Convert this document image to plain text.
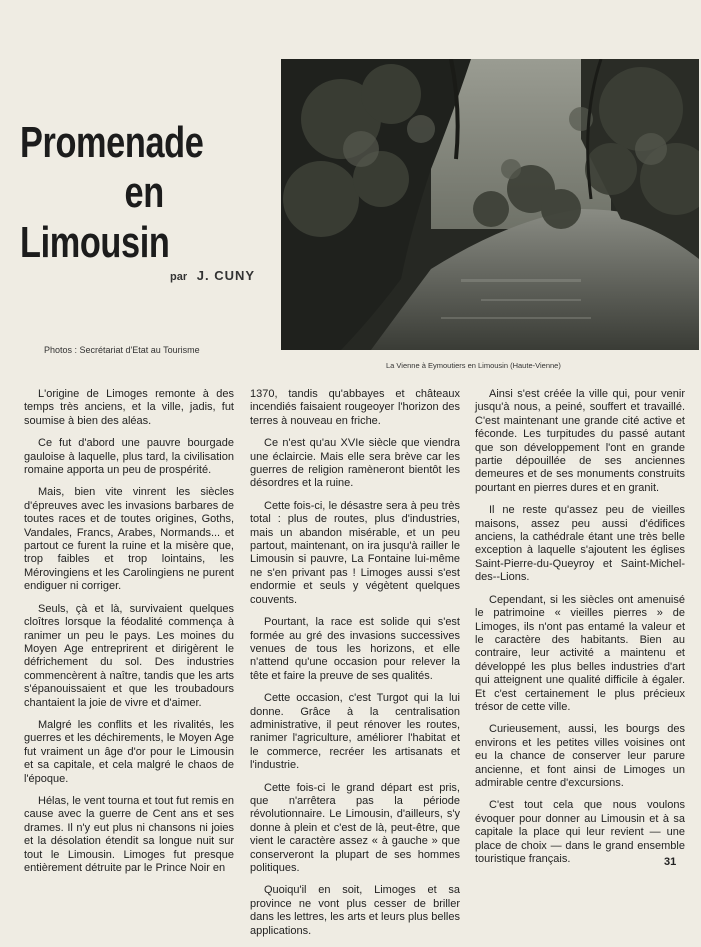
Promenade
en
Limousin
par J. CUNY
Photos : Secrétariat d'Etat au Tourisme
La Vienne à Eymoutiers en Limousin (Haute-Vienne)

L'origine de Limoges remonte à des temps très anciens, et la ville, jadis, fut soumise à bien des aléas.

Ce fut d'abord une pauvre bourgade gauloise à laquelle, plus tard, la civilisation romaine apporta un peu de prospérité.

Mais, bien vite vinrent les siècles d'épreuves avec les invasions barbares de toutes races et de toutes origines, Goths, Vandales, Francs, Arabes, Normands... et partout ce furent la ruine et la misère que, trop faibles et trop lointains, les Mérovingiens et les Carolingiens ne purent endiguer ni corriger.

Seuls, çà et là, survivaient quelques cloîtres lorsque la féodalité commença à ranimer un peu le pays. Les moines du Moyen Age entreprirent et dirigèrent le défrichement du sol. Des industries commencèrent à naître, tandis que les arts s'épanouissaient et que les troubadours chantaient la joie de vivre et d'aimer.

Malgré les conflits et les rivalités, les guerres et les déchirements, le Moyen Age fut vraiment un âge d'or pour le Limousin et sa capitale, et cela malgré le chaos de l'époque.

Hélas, le vent tourna et tout fut remis en cause avec la guerre de Cent ans et ses drames. Il n'y eut plus ni chansons ni joies et la désolation étendit sa longue nuit sur tout le Limousin. Limoges fut presque entièrement détruite par le Prince Noir en

1370, tandis qu'abbayes et châteaux incendiés faisaient rougeoyer l'horizon des terres à nouveau en friche.

Ce n'est qu'au XVIe siècle que viendra une éclaircie. Mais elle sera brève car les guerres de religion ramèneront bientôt les désordres et la ruine.

Cette fois-ci, le désastre sera à peu très total : plus de routes, plus d'industries, mais un abandon misérable, et un peu partout, maintenant, on ira jusqu'à railler le Limousin si pauvre, La Fontaine lui-même ne s'en privant pas ! Limoges aussi s'est endormie et seuls y végètent quelques couvents.

Pourtant, la race est solide qui s'est formée au gré des invasions successives venues de tous les horizons, et elle n'attend qu'une occasion pour relever la tête et faire la preuve de ses qualités.

Cette occasion, c'est Turgot qui la lui donne. Grâce à la centralisation administrative, il peut rénover les routes, ranimer l'agriculture, améliorer l'habitat et le commerce, recréer les artisanats et l'industrie.

Cette fois-ci le grand départ est pris, que n'arrêtera pas la période révolutionnaire. Le Limousin, d'ailleurs, s'y donne à plein et c'est de là, peut-être, que vient le caractère assez « à gauche » que conserveront la plupart de ses hommes politiques.

Quoiqu'il en soit, Limoges et sa province ne vont plus cesser de briller dans les lettres, les arts et leurs plus belles applications.

Ainsi s'est créée la ville qui, pour venir jusqu'à nous, a peiné, souffert et travaillé. C'est maintenant une grande cité active et féconde. Les turpitudes du passé autant que son développement l'ont en grande partie dépouillée de ses anciennes demeures et de ses monuments construits pourtant en pierres dures et en granit.

Il ne reste qu'assez peu de vieilles maisons, assez peu aussi d'édifices anciens, la cathédrale étant une très belle exception à laquelle s'ajoutent les églises Saint-Pierre-du-Queyroy et Saint-Michel-des--Lions.

Cependant, si les siècles ont amenuisé le patrimoine « vieilles pierres » de Limoges, ils n'ont pas entamé la valeur et le caractère des habitants. Bien au contraire, leur activité a maintenu et développé les plus belles industries d'art qui atteignent une qualité difficile à égaler. Et c'est certainement le plus précieux trésor de cette ville.

Curieusement, aussi, les bourgs des environs et les petites villes voisines ont eu la chance de conserver leur parure ancienne, et font ainsi de Limoges un admirable centre d'excursions.

C'est tout cela que nous voulons évoquer pour donner au Limousin et à sa capitale la place qui leur revient — une place de choix — dans le grand ensemble touristique français.	31
